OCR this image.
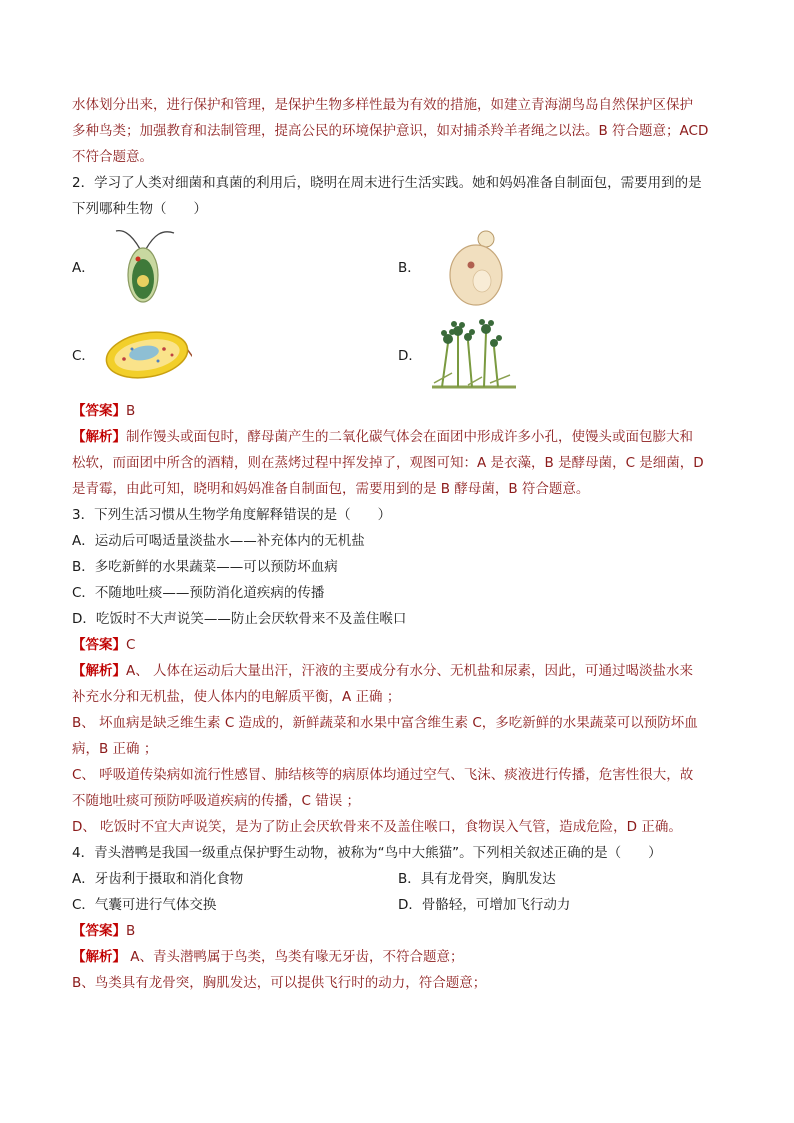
水体划分出来，进行保护和管理，是保护生物多样性最为有效的措施，如建立青海湖鸟岛自然保护区保护

多种鸟类；加强教育和法制管理，提高公民的环境保护意识，如对捕杀羚羊者绳之以法。B 符合题意；ACD

不符合题意。

2．学习了人类对细菌和真菌的利用后，晓明在周末进行生活实践。她和妈妈准备自制面包，需要用到的是

下列哪种生物（　　）

A．	B．
C．	D．

【答案】B

【解析】制作馒头或面包时，酵母菌产生的二氧化碳气体会在面团中形成许多小孔，使馒头或面包膨大和

松软，而面团中所含的酒精，则在蒸烤过程中挥发掉了，观图可知：A 是衣藻，B 是酵母菌，C 是细菌，D

是青霉，由此可知，晓明和妈妈准备自制面包，需要用到的是 B 酵母菌，B 符合题意。

3．下列生活习惯从生物学角度解释错误的是（　　）

A．运动后可喝适量淡盐水——补充体内的无机盐

B．多吃新鲜的水果蔬菜——可以预防坏血病

C．不随地吐痰——预防消化道疾病的传播

D．吃饭时不大声说笑——防止会厌软骨来不及盖住喉口

【答案】C

【解析】A、 人体在运动后大量出汗，汗液的主要成分有水分、无机盐和尿素，因此，可通过喝淡盐水来

补充水分和无机盐，使人体内的电解质平衡，A 正确 ；

B、 坏血病是缺乏维生素 C 造成的，新鲜蔬菜和水果中富含维生素 C，多吃新鲜的水果蔬菜可以预防坏血

病，B 正确 ；

C、 呼吸道传染病如流行性感冒、肺结核等的病原体均通过空气、飞沫、痰液进行传播，危害性很大，故

不随地吐痰可预防呼吸道疾病的传播，C 错误 ；

D、 吃饭时不宜大声说笑，是为了防止会厌软骨来不及盖住喉口，食物误入气管，造成危险，D 正确。

4．青头潜鸭是我国一级重点保护野生动物，被称为“鸟中大熊猫”。下列相关叙述正确的是（　　）

A．牙齿利于摄取和消化食物	B．具有龙骨突，胸肌发达
C．气囊可进行气体交换	D．骨骼轻，可增加飞行动力

【答案】B

【解析】 A、青头潜鸭属于鸟类，鸟类有喙无牙齿，不符合题意；

B、鸟类具有龙骨突，胸肌发达，可以提供飞行时的动力，符合题意；
